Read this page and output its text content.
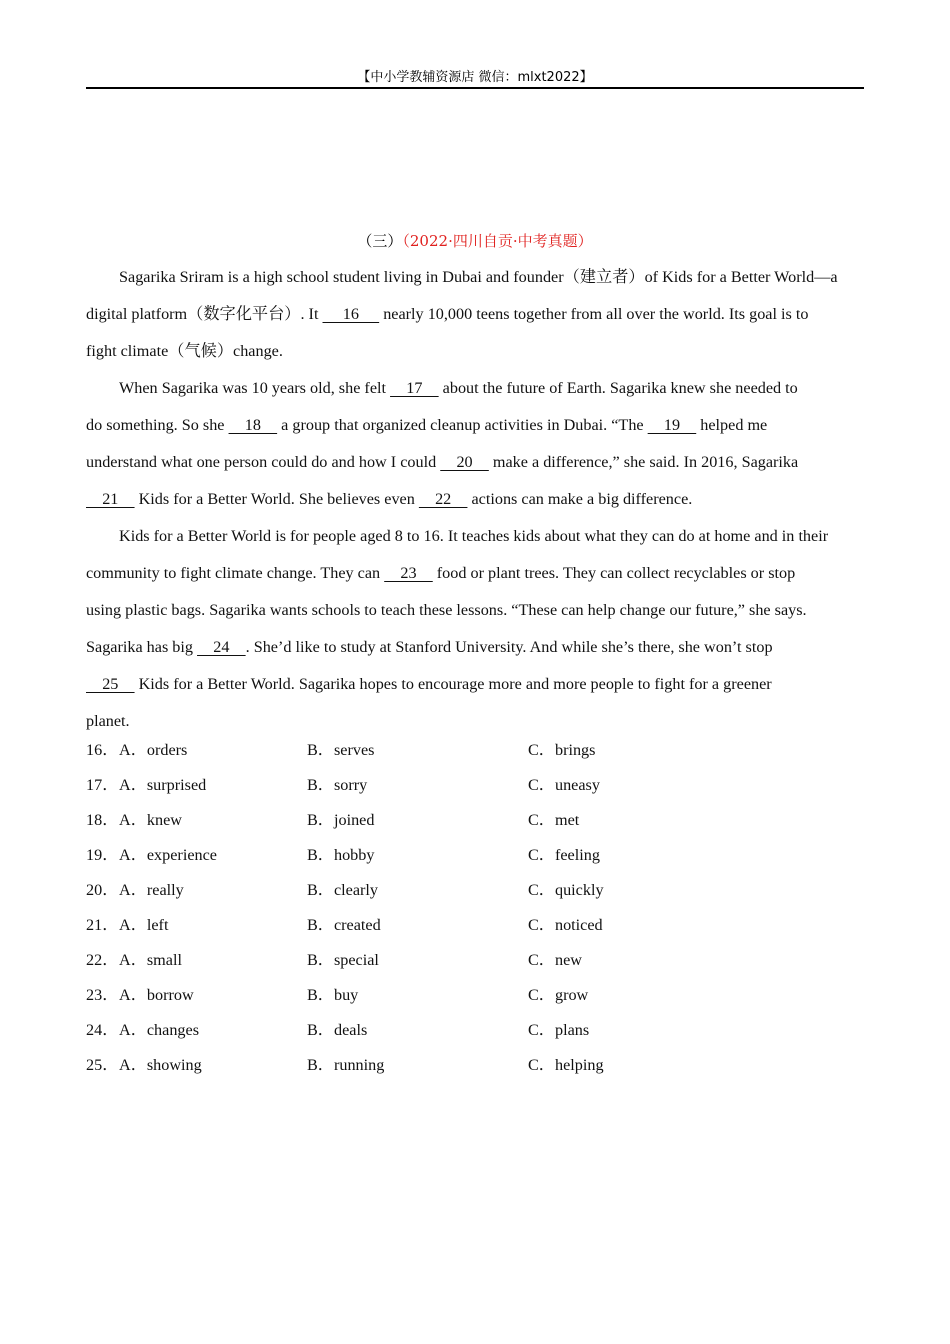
【中小学教辅资源店 微信：mlxt2022】
（三）（2022·四川自贡·中考真题）

Sagarika Sriram is a high school student living in Dubai and founder（建立者）of Kids for a Better World—a
digital platform（数字化平台）. It      16      nearly 10,000 teens together from all over the world. Its goal is to
fight climate（气候）change.

When Sagarika was 10 years old, she felt     17     about the future of Earth. Sagarika knew she needed to
do something. So she     18     a group that organized cleanup activities in Dubai. “The     19     helped me
understand what one person could do and how I could     20     make a difference,” she said. In 2016, Sagarika
21     Kids for a Better World. She believes even     22     actions can make a big difference.

Kids for a Better World is for people aged 8 to 16. It teaches kids about what they can do at home and in their
community to fight climate change. They can     23     food or plant trees. They can collect recyclables or stop
using plastic bags. Sagarika wants schools to teach these lessons. “These can help change our future,” she says.
Sagarika has big     24    . She’d like to study at Stanford University. And while she’s there, she won’t stop
25     Kids for a Better World. Sagarika hopes to encourage more and more people to fight for a greener
planet.

16． A．orders	B．serves	C．brings
17． A．surprised	B．sorry	C．uneasy
18． A．knew	B．joined	C．met
19． A．experience	B．hobby	C．feeling
20． A．really	B．clearly	C．quickly
21． A．left	B．created	C．noticed
22． A．small	B．special	C．new
23． A．borrow	B．buy	C．grow
24． A．changes	B．deals	C．plans
25． A．showing	B．running	C．helping
